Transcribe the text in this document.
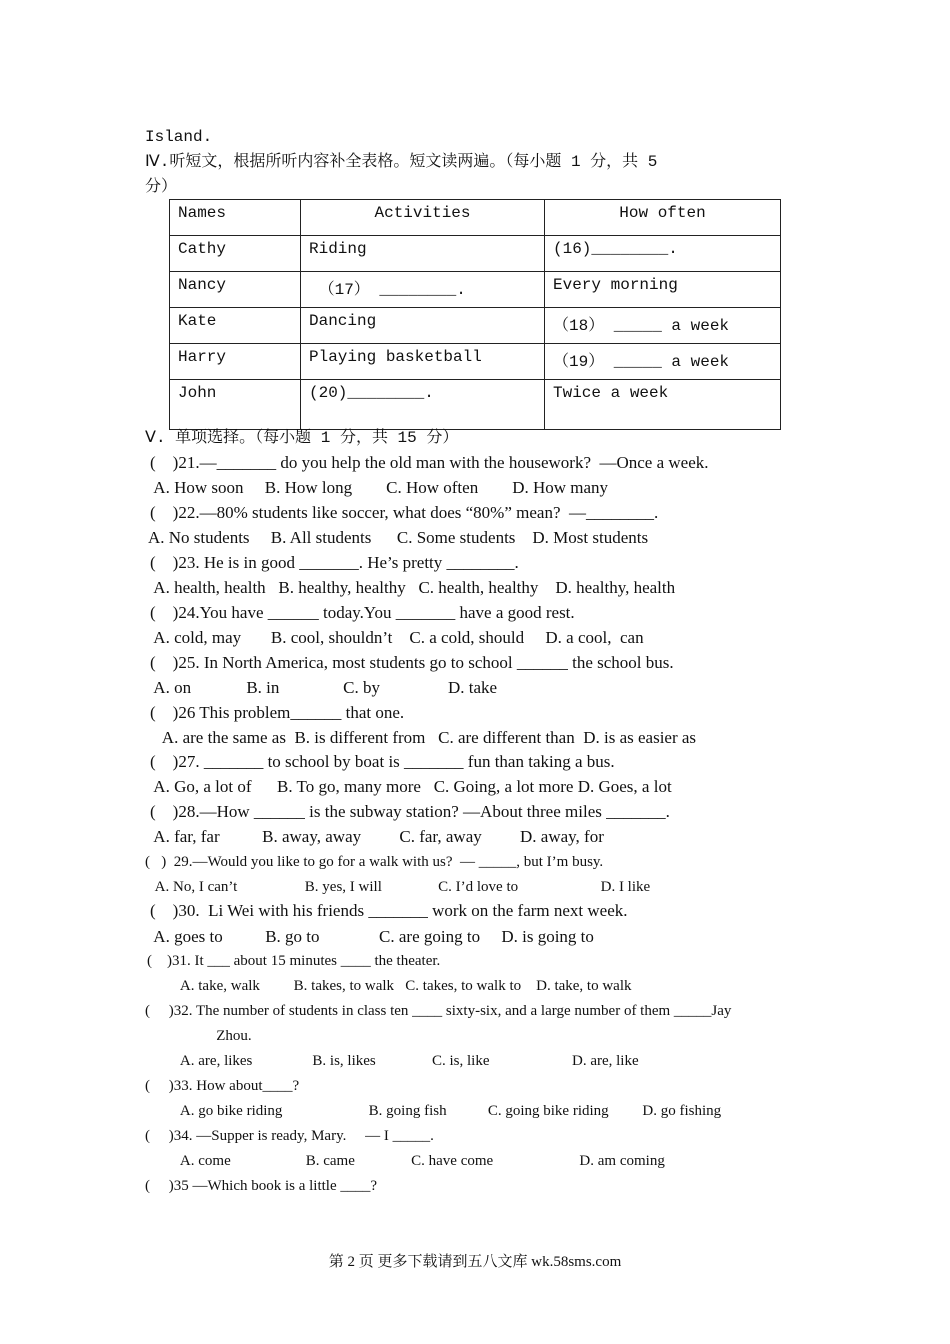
Island.
Ⅳ.听短文，根据所听内容补全表格。短文读两遍。（每小题 1 分，共 5
分）
Names	Activities	How often
Cathy	Riding	(16)________.
Nancy	（17） ________.	Every morning
Kate	Dancing	（18） _____ a week
Harry	Playing basketball	（19） _____ a week
John	(20)________.	Twice a week
Ⅴ. 单项选择。（每小题 1 分，共 15 分）
(    )21.—_______ do you help the old man with the housework?  —Once a week.
A. How soon     B. How long        C. How often        D. How many
(    )22.—80% students like soccer, what does “80%” mean?  —________.
A. No students     B. All students      C. Some students    D. Most students
(    )23. He is in good _______. He’s pretty ________.
A. health, health   B. healthy, healthy   C. health, healthy    D. healthy, health
(    )24.You have ______ today.You _______ have a good rest.
A. cold, may       B. cool, shouldn’t    C. a cold, should     D. a cool,  can
(    )25. In North America, most students go to school ______ the school bus.
A. on             B. in               C. by                D. take
(    )26 This problem______ that one.
A. are the same as  B. is different from   C. are different than  D. is as easier as
(    )27. _______ to school by boat is _______ fun than taking a bus.
A. Go, a lot of      B. To go, many more   C. Going, a lot more D. Goes, a lot
(    )28.—How ______ is the subway station? —About three miles _______.
A. far, far          B. away, away         C. far, away         D. away, for
(   )  29.—Would you like to go for a walk with us?  — _____, but I’m busy.
A. No, I can’t                  B. yes, I will               C. I’d love to                      D. I like
(    )30.  Li Wei with his friends _______ work on the farm next week.
A. goes to          B. go to              C. are going to     D. is going to
(    )31. It ___ about 15 minutes ____ the theater.
A. take, walk         B. takes, to walk   C. takes, to walk to    D. take, to walk
(     )32. The number of students in class ten ____ sixty-six, and a large number of them _____Jay
Zhou.
A. are, likes                B. is, likes               C. is, like                      D. are, like
(     )33. How about____?
A. go bike riding                       B. going fish           C. going bike riding         D. go fishing
(     )34. —Supper is ready, Mary.     — I _____.
A. come                    B. came               C. have come                       D. am coming
(     )35 —Which book is a little ____?
第 2 页 更多下载请到五八文库 wk.58sms.com
